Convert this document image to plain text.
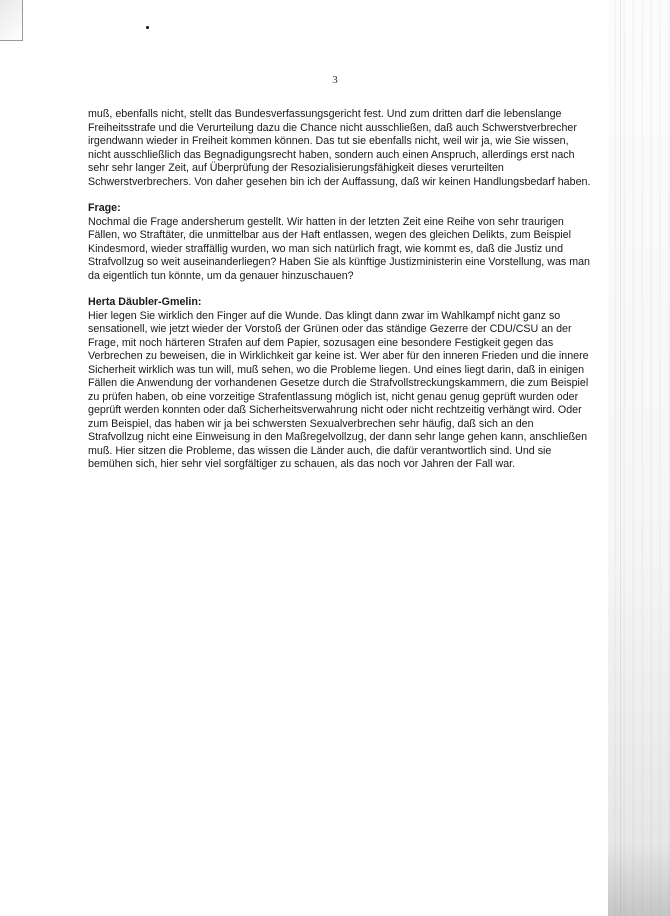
3

muß, ebenfalls nicht, stellt das Bundesverfassungsgericht fest. Und zum dritten darf die lebenslange Freiheitsstrafe und die Verurteilung dazu die Chance nicht ausschließen, daß auch Schwerstverbrecher irgendwann wieder in Freiheit kommen können. Das tut sie ebenfalls nicht, weil wir ja, wie Sie wissen, nicht ausschließlich das Begnadigungsrecht haben, sondern auch einen Anspruch, allerdings erst nach sehr sehr langer Zeit, auf Überprüfung der Resozialisierungsfähigkeit dieses verurteilten Schwerstverbrechers. Von daher gesehen bin ich der Auffassung, daß wir keinen Handlungsbedarf haben.

Frage:

Nochmal die Frage andersherum gestellt. Wir hatten in der letzten Zeit eine Reihe von sehr traurigen Fällen, wo Straftäter, die unmittelbar aus der Haft entlassen, wegen des gleichen Delikts, zum Beispiel Kindesmord, wieder straffällig wurden, wo man sich natürlich fragt, wie kommt es, daß die Justiz und Strafvollzug so weit auseinanderliegen? Haben Sie als künftige Justizministerin eine Vorstellung, was man da eigentlich tun könnte, um da genauer hinzuschauen?

Herta Däubler-Gmelin:

Hier legen Sie wirklich den Finger auf die Wunde. Das klingt dann zwar im Wahlkampf nicht ganz so sensationell, wie jetzt wieder der Vorstoß der Grünen oder das ständige Gezerre der CDU/CSU an der Frage, mit noch härteren Strafen auf dem Papier, sozusagen eine besondere Festigkeit gegen das Verbrechen zu beweisen, die in Wirklichkeit gar keine ist. Wer aber für den inneren Frieden und die innere Sicherheit wirklich was tun will, muß sehen, wo die Probleme liegen. Und eines liegt darin, daß in einigen Fällen die Anwendung der vorhandenen Gesetze durch die Strafvollstreckungskammern, die zum Beispiel zu prüfen haben, ob eine vorzeitige Strafentlassung möglich ist, nicht genau genug geprüft wurden oder geprüft werden konnten oder daß Sicherheitsverwahrung nicht oder nicht rechtzeitig verhängt wird. Oder zum Beispiel, das haben wir ja bei schwersten Sexualverbrechen sehr häufig, daß sich an den Strafvollzug nicht eine Einweisung in den Maßregelvollzug, der dann sehr lange gehen kann, anschließen muß. Hier sitzen die Probleme, das wissen die Länder auch, die dafür verantwortlich sind. Und sie bemühen sich, hier sehr viel sorgfältiger zu schauen, als das noch vor Jahren der Fall war.
